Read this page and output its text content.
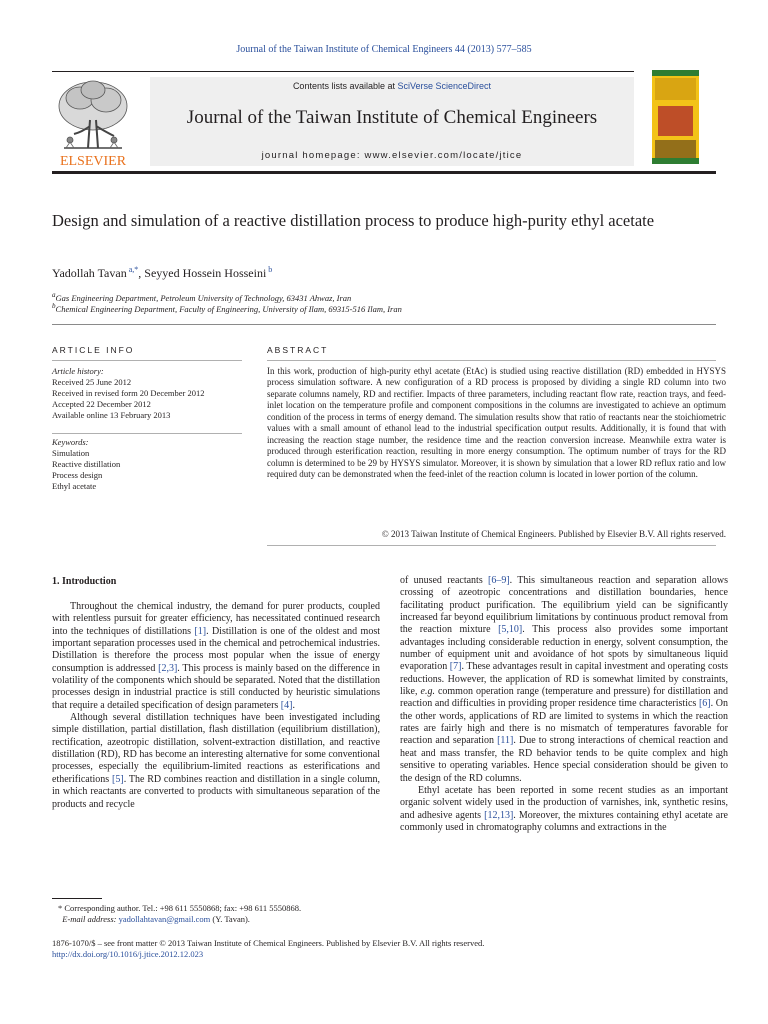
Journal of the Taiwan Institute of Chemical Engineers 44 (2013) 577–585
ELSEVIER
Contents lists available at SciVerse ScienceDirect
Journal of the Taiwan Institute of Chemical Engineers
journal homepage: www.elsevier.com/locate/jtice
Design and simulation of a reactive distillation process to produce high-purity ethyl acetate
Yadollah Tavan $^{a,*}$, Seyyed Hossein Hosseini $^b$
$^a$Gas Engineering Department, Petroleum University of Technology, 63431 Ahwaz, Iran
$^b$Chemical Engineering Department, Faculty of Engineering, University of Ilam, 69315-516 Ilam, Iran
ARTICLE INFO
Article history:
Received 25 June 2012
Received in revised form 20 December 2012
Accepted 22 December 2012
Available online 13 February 2013
Keywords:
Simulation
Reactive distillation
Process design
Ethyl acetate
ABSTRACT
In this work, production of high-purity ethyl acetate (EtAc) is studied using reactive distillation (RD) embedded in HYSYS process simulation software. A new configuration of a RD process is proposed by dividing a single RD column into two separate columns namely, RD and rectifier. Impacts of three parameters, including reactant flow rate, reaction trays, and feed-inlet location on the temperature profile and component compositions in the columns are investigated to achieve an optimum condition of the process in terms of energy demand. The simulation results show that ratio of reactants near the stoichiometric values with a small amount of ethanol lead to the industrial specification output results. Additionally, it is found that with increasing the reaction stage number, the residence time and the reaction conversion increase. Meanwhile extra water is produced through esterification reaction, resulting in more energy consumption. The optimum number of trays for the RD column is determined to be 29 by HYSYS simulator. Moreover, it is shown by simulation that a lower RD reflux ratio and low required duty can be demonstrated when the feed-inlet of the reaction column is located in lower portion of the column.
© 2013 Taiwan Institute of Chemical Engineers. Published by Elsevier B.V. All rights reserved.
1. Introduction

Throughout the chemical industry, the demand for purer products, coupled with relentless pursuit for greater efficiency, has necessitated continued research into the techniques of distillations [1]. Distillation is one of the oldest and most important separation processes used in the chemical and petrochemical industries. Distillation is therefore the process most popular when the issue of energy consumption is addressed [2,3]. This process is mainly based on the difference in volatility of the components which should be separated. Noted that the distillation processes design in industrial practice is still conducted by heuristic simulations that require a detailed specification of design parameters [4].

Although several distillation techniques have been investigated including simple distillation, partial distillation, flash distillation (equilibrium distillation), rectification, azeotropic distillation, solvent-extraction distillation, and reactive distillation (RD), RD has become an interesting alternative for some conventional processes, especially the equilibrium-limited reactions as esterifications and etherifications [5]. The RD combines reaction and distillation in a single column, in which reactants are converted to products with simultaneous separation of the products and recycle

of unused reactants [6–9]. This simultaneous reaction and separation allows crossing of azeotropic concentrations and distillation boundaries, hence facilitating product purification. The equilibrium yield can be significantly increased far beyond equilibrium limitations by continuous product removal from the reaction mixture [5,10]. This process also provides some important advantages including considerable reduction in energy, solvent consumption, the number of equipment unit and avoidance of hot spots by simultaneous liquid evaporation [7]. These advantages result in capital investment and operating costs reductions. However, the application of RD is somewhat limited by constraints, like, e.g. common operation range (temperature and pressure) for distillation and reaction and difficulties in providing proper residence time characteristics [6]. On the other words, applications of RD are limited to systems in which the reaction rates are fairly high and there is no mismatch of temperatures favorable for reaction and separation [11]. Due to strong interactions of chemical reaction and heat and mass transfer, the RD behavior tends to be quite complex and high sensitive to operating variables. Hence special consideration should be given to the design of the RD columns.

Ethyl acetate has been reported in some recent studies as an important organic solvent widely used in the production of varnishes, ink, synthetic resins, and adhesive agents [12,13]. Moreover, the mixtures containing ethyl acetate are commonly used in chromatography columns and extractions in the

* Corresponding author. Tel.: +98 611 5550868; fax: +98 611 5550868.
E-mail address: yadollahtavan@gmail.com (Y. Tavan).
1876-1070/$ – see front matter © 2013 Taiwan Institute of Chemical Engineers. Published by Elsevier B.V. All rights reserved.
http://dx.doi.org/10.1016/j.jtice.2012.12.023
